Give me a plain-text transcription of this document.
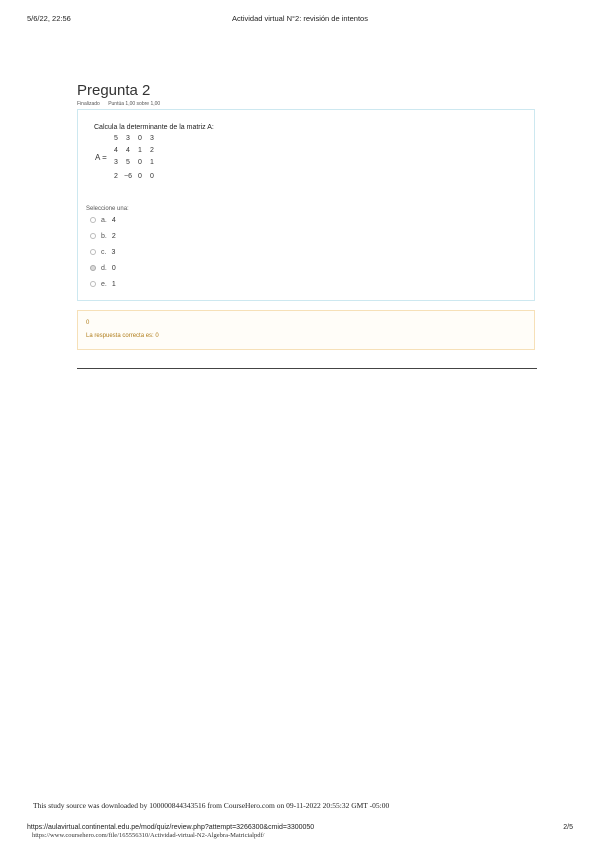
5/6/22, 22:56	Actividad virtual N°2: revisión de intentos
Pregunta 2
Finalizado Puntúa 1,00 sobre 1,00
Calcula la determinante de la matriz A:
A =
5	3	0	3
4	4	1	2
3	5	0	1
2 −6 0	0
Seleccione una:
a. 4
b. 2
c. 3
d. 0
e. 1
0
La respuesta correcta es: 0
This study source was downloaded by 100000844343516 from CourseHero.com on 09-11-2022 20:55:32 GMT -05:00
https://aulavirtual.continental.edu.pe/mod/quiz/review.php?attempt=3266300&cmid=3300050	2/5
https://www.coursehero.com/file/165556310/Actividad-virtual-N2-Algebra-Matricialpdf/
